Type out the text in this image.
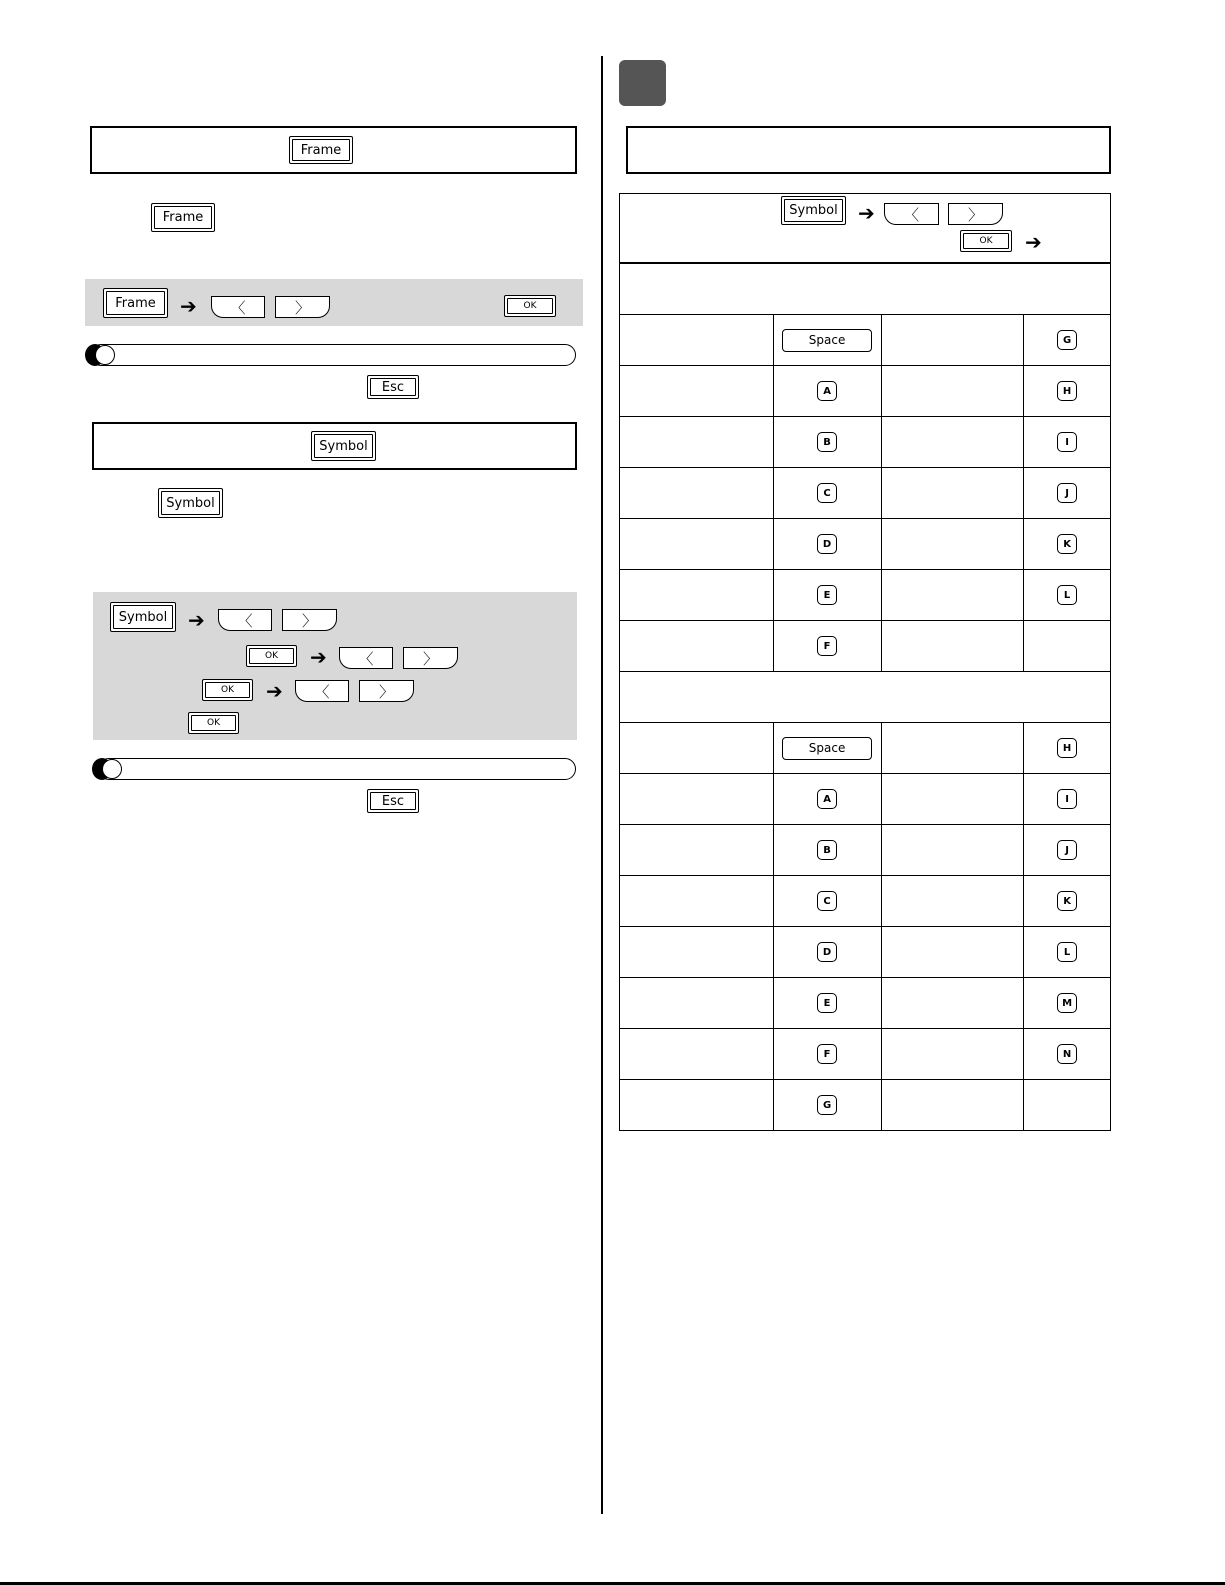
Frame
Frame
Frame	➔	〈	〉	OK
Esc
Symbol
Symbol
Symbol	➔	〈	〉
OK	➔	〈	〉
OK	➔	〈	〉
OK
Esc
Symbol	➔	〈	〉
OK	➔

	Space		G
	A		H
	B		I
	C		J
	D		K
	E		L
	F		

	Space		H
	A		I
	B		J
	C		K
	D		L
	E		M
	F		N
	G		
